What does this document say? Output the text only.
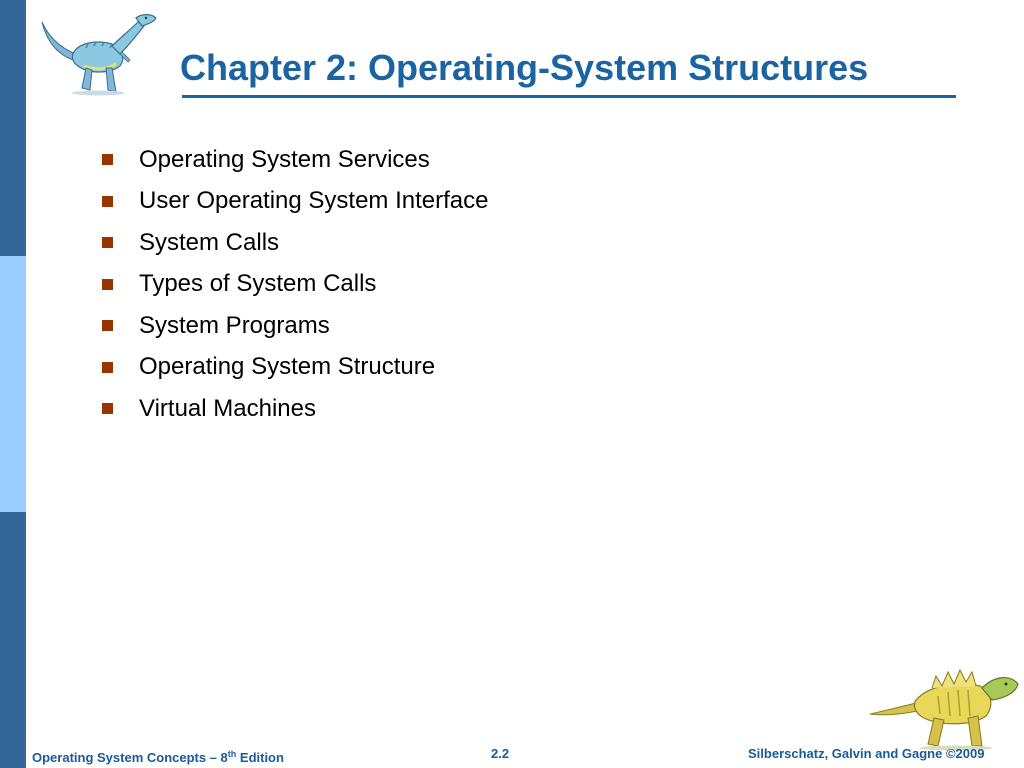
Chapter 2: Operating-System Structures
Operating System Services
User Operating System Interface
System Calls
Types of System Calls
System Programs
Operating System Structure
Virtual Machines
Operating System Concepts – 8th Edition	2.2	Silberschatz, Galvin and Gagne ©2009
